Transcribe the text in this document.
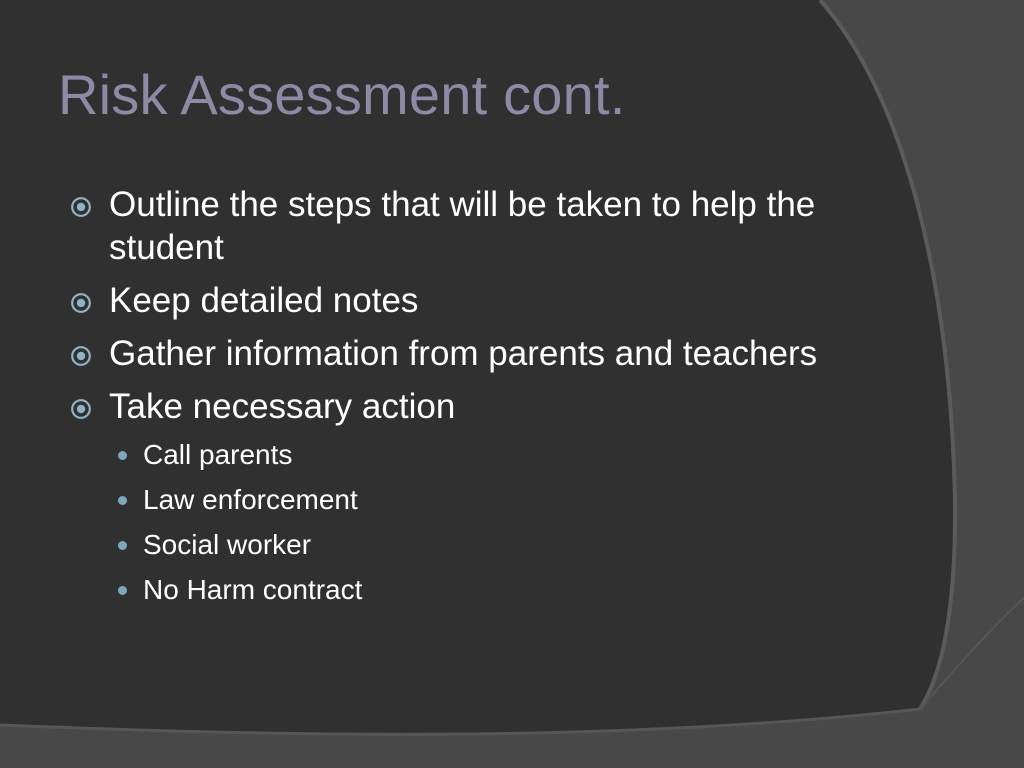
Risk Assessment cont.
Outline the steps that will be taken to help the student
Keep detailed notes
Gather information from parents and teachers
Take necessary action
Call parents
Law enforcement
Social worker
No Harm contract
